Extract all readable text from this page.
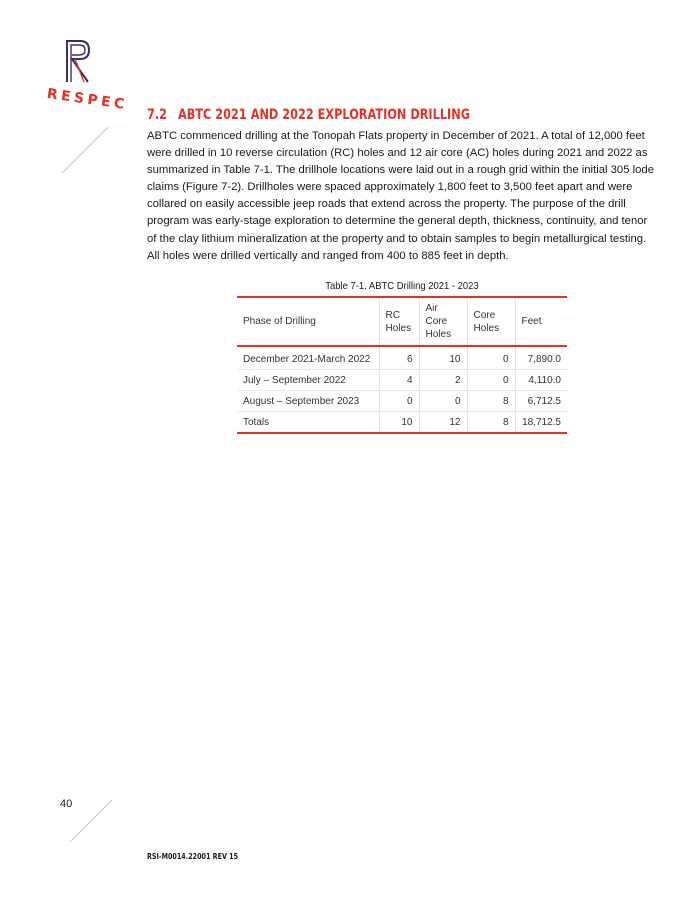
RESPEC
7.2 ABTC 2021 AND 2022 EXPLORATION DRILLING

ABTC commenced drilling at the Tonopah Flats property in December of 2021. A total of 12,000 feet were drilled in 10 reverse circulation (RC) holes and 12 air core (AC) holes during 2021 and 2022 as summarized in Table 7-1. The drillhole locations were laid out in a rough grid within the initial 305 lode claims (Figure 7-2). Drillholes were spaced approximately 1,800 feet to 3,500 feet apart and were collared on easily accessible jeep roads that extend across the property. The purpose of the drill program was early-stage exploration to determine the general depth, thickness, continuity, and tenor of the clay lithium mineralization at the property and to obtain samples to begin metallurgical testing. All holes were drilled vertically and ranged from 400 to 885 feet in depth.

Table 7-1. ABTC Drilling 2021 - 2023
Phase of Drilling	RC Holes	Air Core Holes	Core Holes	Feet
December 2021-March 2022	6	10	0	7,890.0
July – September 2022	4	2	0	4,110.0
August – September 2023	0	0	8	6,712.5
Totals	10	12	8	18,712.5
40
RSI-M0014.22001 REV 15
